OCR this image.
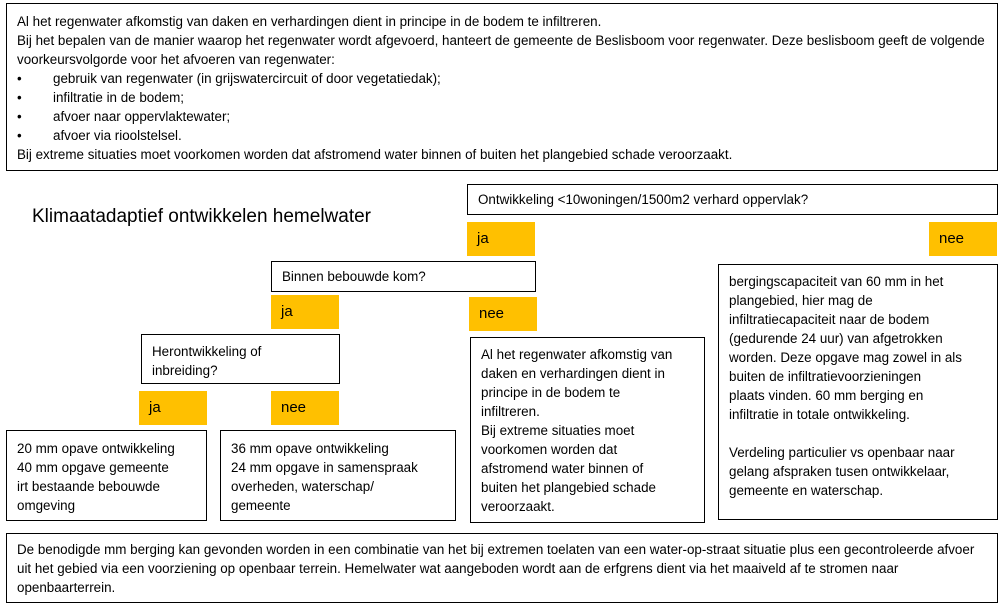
Al het regenwater afkomstig van daken en verhardingen dient in principe in de bodem te infiltreren.
Bij het bepalen van de manier waarop het regenwater wordt afgevoerd, hanteert de gemeente de Beslisboom voor regenwater. Deze beslisboom geeft de volgende voorkeursvolgorde voor het afvoeren van regenwater:
•	gebruik van regenwater (in grijswatercircuit of door vegetatiedak);
•	infiltratie in de bodem;
•	afvoer naar oppervlaktewater;
•	afvoer via rioolstelsel.
Bij extreme situaties moet voorkomen worden dat afstromend water binnen of buiten het plangebied schade veroorzaakt.
Klimaatadaptief ontwikkelen hemelwater
Ontwikkeling <10woningen/1500m2 verhard oppervlak?
ja	nee
Binnen bebouwde kom?
ja	nee
Herontwikkeling of inbreiding?
ja	nee
20 mm opave ontwikkeling
40 mm opgave gemeente
irt bestaande bebouwde
omgeving
36 mm opave ontwikkeling
24 mm opgave in samenspraak
overheden, waterschap/
gemeente
Al het regenwater afkomstig van
daken en verhardingen dient in
principe in de bodem te
infiltreren.
Bij extreme situaties moet
voorkomen worden dat
afstromend water binnen of
buiten het plangebied schade
veroorzaakt.
bergingscapaciteit van 60 mm in het
plangebied, hier mag de
infiltratiecapaciteit naar de bodem
(gedurende 24 uur) van afgetrokken
worden. Deze opgave mag zowel in als
buiten de infiltratievoorzieningen
plaats vinden. 60 mm berging en
infiltratie in totale ontwikkeling.
Verdeling particulier vs openbaar naar
gelang afspraken tusen ontwikkelaar,
gemeente en waterschap.
De benodigde mm berging kan gevonden worden in een combinatie van het bij extremen toelaten van een water-op-straat situatie plus een gecontroleerde afvoer uit het gebied via een voorziening op openbaar terrein. Hemelwater wat aangeboden wordt aan de erfgrens dient via het maaiveld af te stromen naar openbaarterrein.
